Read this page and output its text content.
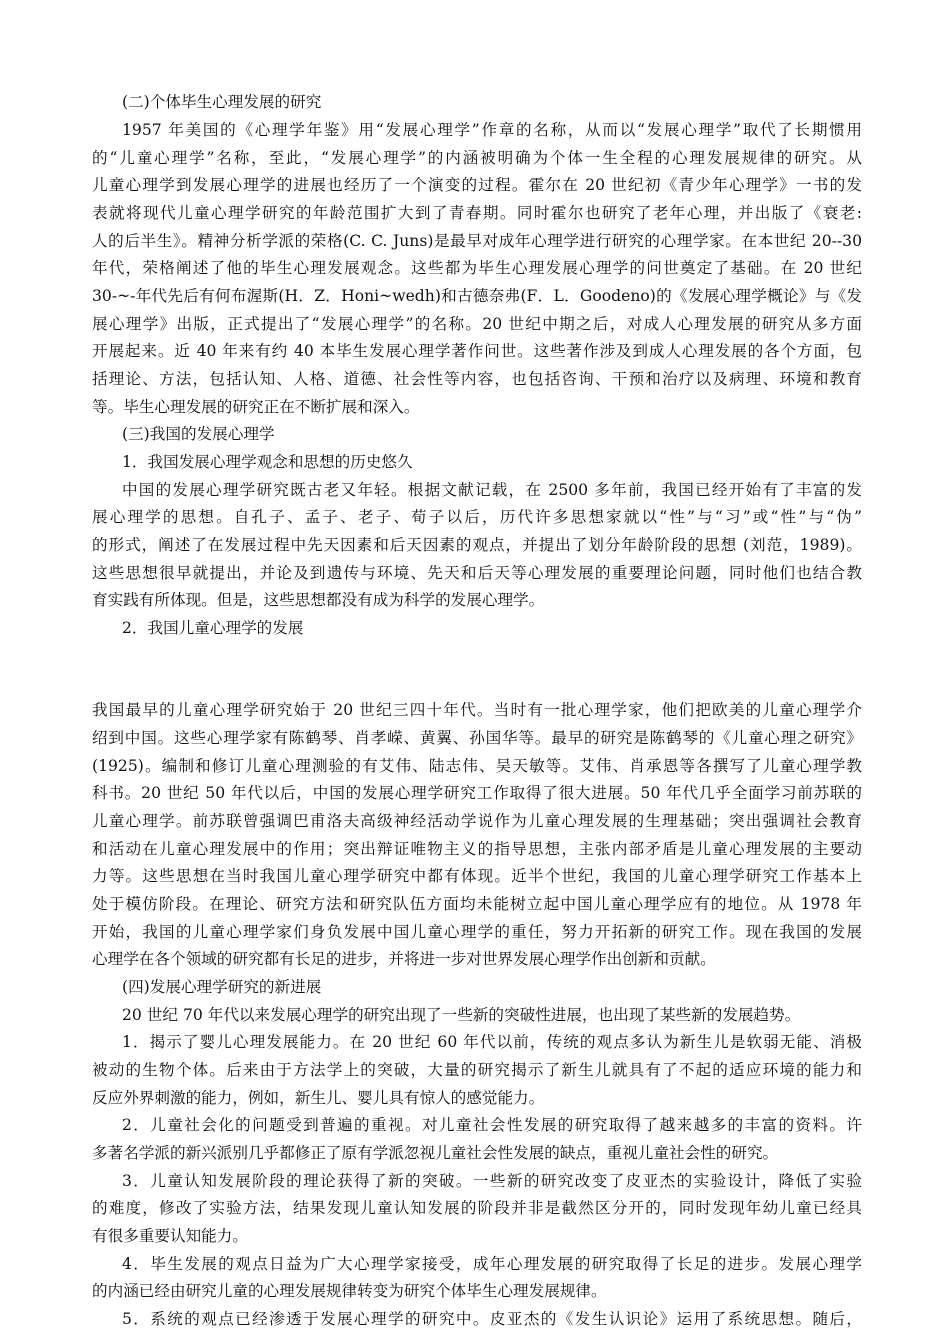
(二)个体毕生心理发展的研究
1957 年美国的《心理学年鉴》用“发展心理学”作章的名称，从而以“发展心理学”取代了长期惯用
的“儿童心理学”名称，至此，“发展心理学”的内涵被明确为个体一生全程的心理发展规律的研究。从
儿童心理学到发展心理学的进展也经历了一个演变的过程。霍尔在 20 世纪初《青少年心理学》一书的发
表就将现代儿童心理学研究的年龄范围扩大到了青春期。同时霍尔也研究了老年心理，并出版了《衰老:
人的后半生》。精神分析学派的荣格(C. C. Juns)是最早对成年心理学进行研究的心理学家。在本世纪 20--30
年代，荣格阐述了他的毕生心理发展观念。这些都为毕生心理发展心理学的问世奠定了基础。在 20 世纪
30-~-年代先后有何布渥斯(H．Z．Honi~wedh)和古德奈弗(F．L．Goodeno)的《发展心理学概论》与《发
展心理学》出版，正式提出了“发展心理学”的名称。20 世纪中期之后，对成人心理发展的研究从多方面
开展起来。近 40 年来有约 40 本毕生发展心理学著作问世。这些著作涉及到成人心理发展的各个方面，包
括理论、方法，包括认知、人格、道德、社会性等内容，也包括咨询、干预和治疗以及病理、环境和教育
等。毕生心理发展的研究正在不断扩展和深入。
(三)我国的发展心理学
1．我国发展心理学观念和思想的历史悠久
中国的发展心理学研究既古老又年轻。根据文献记载，在 2500 多年前，我国已经开始有了丰富的发
展心理学的思想。自孔子、孟子、老子、荀子以后，历代许多思想家就以“性”与“习”或“性”与“伪”
的形式，阐述了在发展过程中先天因素和后天因素的观点，并提出了划分年龄阶段的思想 (刘范，1989)。
这些思想很早就提出，并论及到遗传与环境、先天和后天等心理发展的重要理论问题，同时他们也结合教
育实践有所体现。但是，这些思想都没有成为科学的发展心理学。
2．我国儿童心理学的发展
我国最早的儿童心理学研究始于 20 世纪三四十年代。当时有一批心理学家，他们把欧美的儿童心理学介
绍到中国。这些心理学家有陈鹤琴、肖孝嵘、黄翼、孙国华等。最早的研究是陈鹤琴的《儿童心理之研究》
(1925)。编制和修订儿童心理测验的有艾伟、陆志伟、吴天敏等。艾伟、肖承恩等各撰写了儿童心理学教
科书。20 世纪 50 年代以后，中国的发展心理学研究工作取得了很大进展。50 年代几乎全面学习前苏联的
儿童心理学。前苏联曾强调巴甫洛夫高级神经活动学说作为儿童心理发展的生理基础；突出强调社会教育
和活动在儿童心理发展中的作用；突出辩证唯物主义的指导思想，主张内部矛盾是儿童心理发展的主要动
力等。这些思想在当时我国儿童心理学研究中都有体现。近半个世纪，我国的儿童心理学研究工作基本上
处于模仿阶段。在理论、研究方法和研究队伍方面均未能树立起中国儿童心理学应有的地位。从 1978 年
开始，我国的儿童心理学家们身负发展中国儿童心理学的重任，努力开拓新的研究工作。现在我国的发展
心理学在各个领域的研究都有长足的进步，并将进一步对世界发展心理学作出创新和贡献。
(四)发展心理学研究的新进展
20 世纪 70 年代以来发展心理学的研究出现了一些新的突破性进展，也出现了某些新的发展趋势。
1．揭示了婴儿心理发展能力。在 20 世纪 60 年代以前，传统的观点多认为新生儿是软弱无能、消极
被动的生物个体。后来由于方法学上的突破，大量的研究揭示了新生儿就具有了不起的适应环境的能力和
反应外界刺激的能力，例如，新生儿、婴儿具有惊人的感觉能力。
2．儿童社会化的问题受到普遍的重视。对儿童社会性发展的研究取得了越来越多的丰富的资料。许
多著名学派的新兴派别几乎都修正了原有学派忽视儿童社会性发展的缺点，重视儿童社会性的研究。
3．儿童认知发展阶段的理论获得了新的突破。一些新的研究改变了皮亚杰的实验设计，降低了实验
的难度，修改了实验方法，结果发现儿童认知发展的阶段并非是截然区分开的，同时发现年幼儿童已经具
有很多重要认知能力。
4．毕生发展的观点日益为广大心理学家接受，成年心理发展的研究取得了长足的进步。发展心理学
的内涵已经由研究儿童的心理发展规律转变为研究个体毕生心理发展规律。
5．系统的观点已经渗透于发展心理学的研究中。皮亚杰的《发生认识论》运用了系统思想。随后，
